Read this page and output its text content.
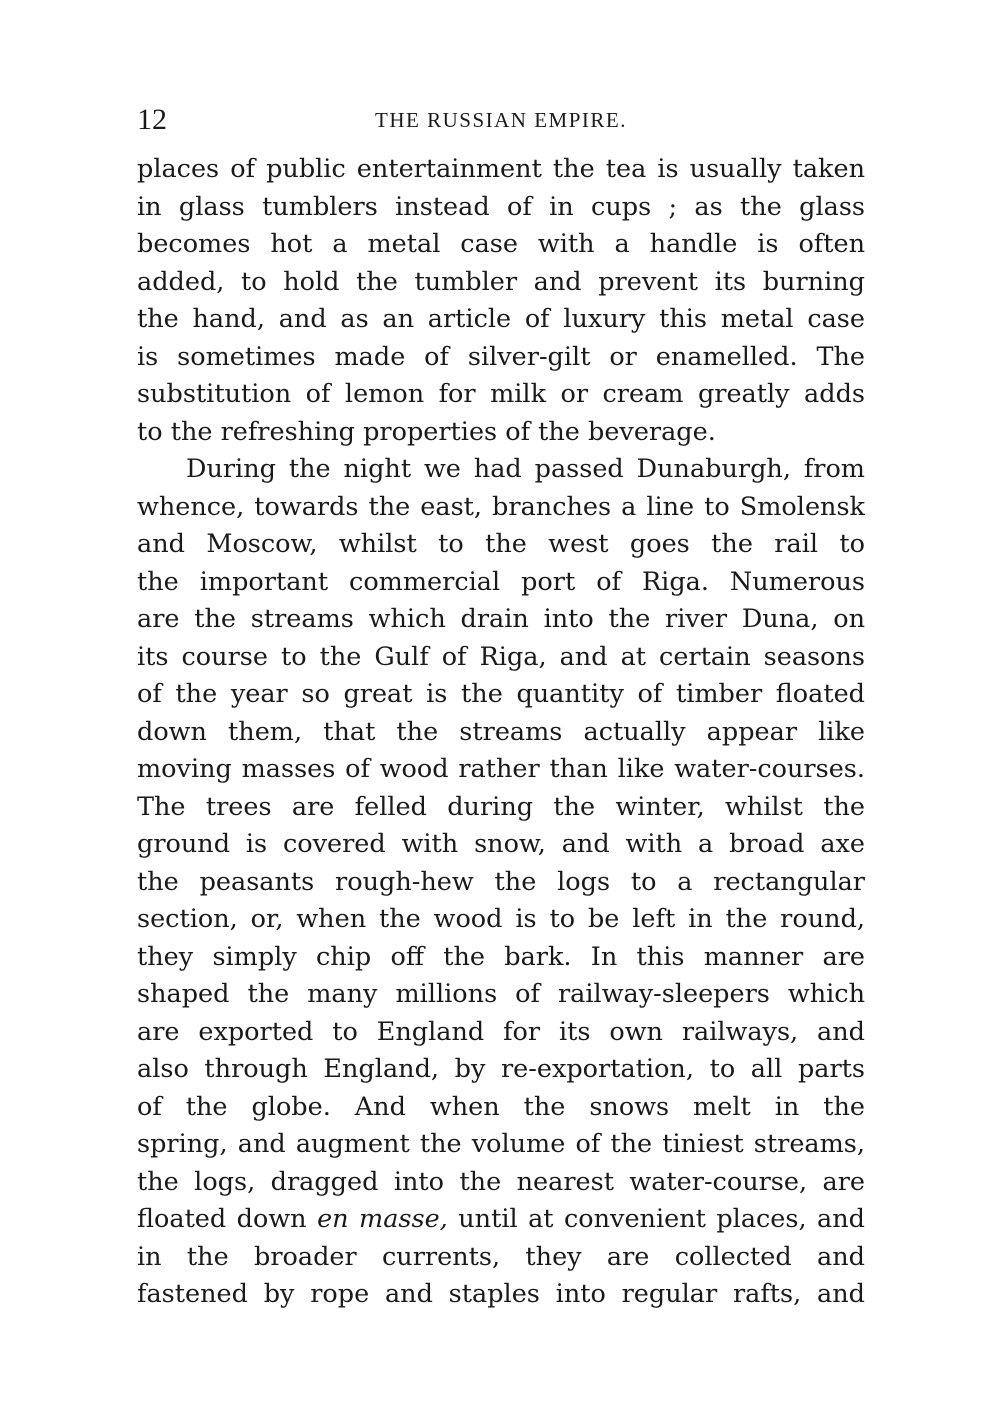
12	THE RUSSIAN EMPIRE.
places of public entertainment the tea is usually taken
in glass tumblers instead of in cups ; as the glass
becomes hot a metal case with a handle is often
added, to hold the tumbler and prevent its burning
the hand, and as an article of luxury this metal case
is sometimes made of silver-gilt or enamelled. The
substitution of lemon for milk or cream greatly adds
to the refreshing properties of the beverage.
During the night we had passed Dunaburgh, from
whence, towards the east, branches a line to Smolensk
and Moscow, whilst to the west goes the rail to
the important commercial port of Riga. Numerous
are the streams which drain into the river Duna, on
its course to the Gulf of Riga, and at certain seasons
of the year so great is the quantity of timber floated
down them, that the streams actually appear like
moving masses of wood rather than like water-courses.
The trees are felled during the winter, whilst the
ground is covered with snow, and with a broad axe
the peasants rough-hew the logs to a rectangular
section, or, when the wood is to be left in the round,
they simply chip off the bark. In this manner are
shaped the many millions of railway-sleepers which
are exported to England for its own railways, and
also through England, by re-exportation, to all parts
of the globe. And when the snows melt in the
spring, and augment the volume of the tiniest streams,
the logs, dragged into the nearest water-course, are
floated down en masse, until at convenient places, and
in the broader currents, they are collected and
fastened by rope and staples into regular rafts, and
